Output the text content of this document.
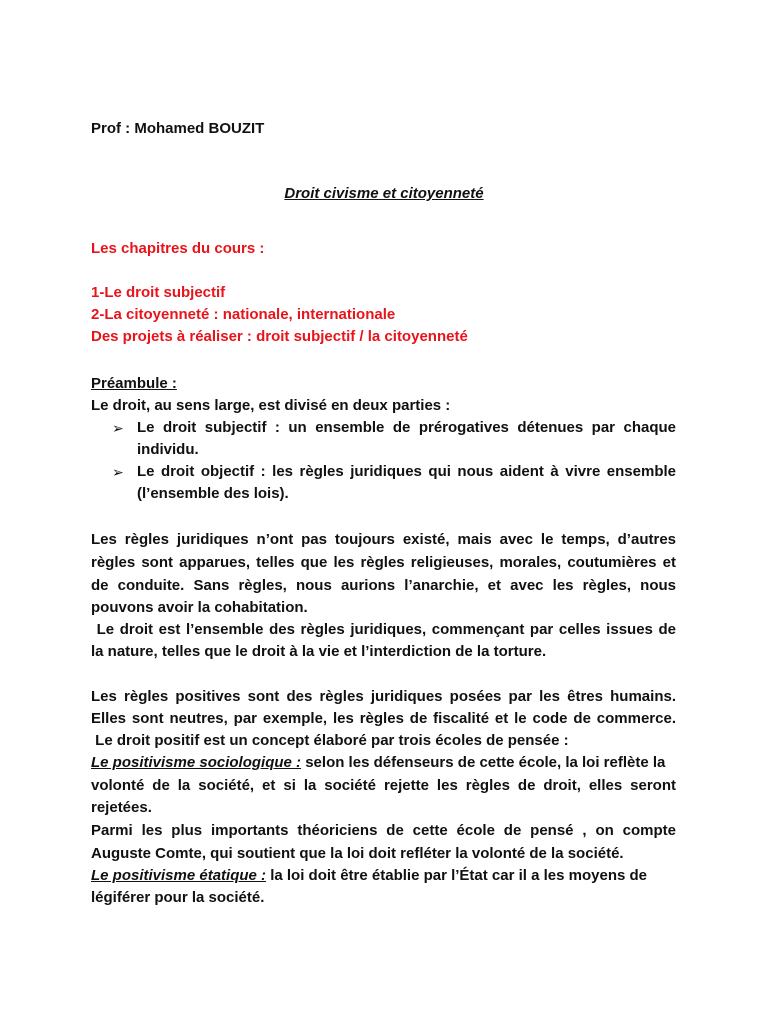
Prof : Mohamed BOUZIT
Droit civisme et citoyenneté
Les chapitres du cours :
1-Le droit subjectif
2-La citoyenneté : nationale, internationale
Des projets à réaliser : droit subjectif / la citoyenneté
Préambule :
Le droit, au sens large, est divisé en deux parties :
➢ Le droit subjectif : un ensemble de prérogatives détenues par chaque
individu.
➢ Le droit objectif : les règles juridiques qui nous aident à vivre ensemble
(l’ensemble des lois).
Les règles juridiques n’ont pas toujours existé, mais avec le temps, d’autres
règles sont apparues, telles que les règles religieuses, morales, coutumières et
de conduite. Sans règles, nous aurions l’anarchie, et avec les règles, nous
pouvons avoir la cohabitation.
Le droit est l’ensemble des règles juridiques, commençant par celles issues de
la nature, telles que le droit à la vie et l’interdiction de la torture.
Les règles positives sont des règles juridiques posées par les êtres humains.
Elles sont neutres, par exemple, les règles de fiscalité et le code de commerce.
Le droit positif est un concept élaboré par trois écoles de pensée :
Le positivisme sociologique : selon les défenseurs de cette école, la loi reflète la
volonté de la société, et si la société rejette les règles de droit, elles seront
rejetées.
Parmi les plus importants théoriciens de cette école de pensé , on compte
Auguste Comte, qui soutient que la loi doit refléter la volonté de la société.
Le positivisme étatique : la loi doit être établie par l’État car il a les moyens de
légiférer pour la société.
